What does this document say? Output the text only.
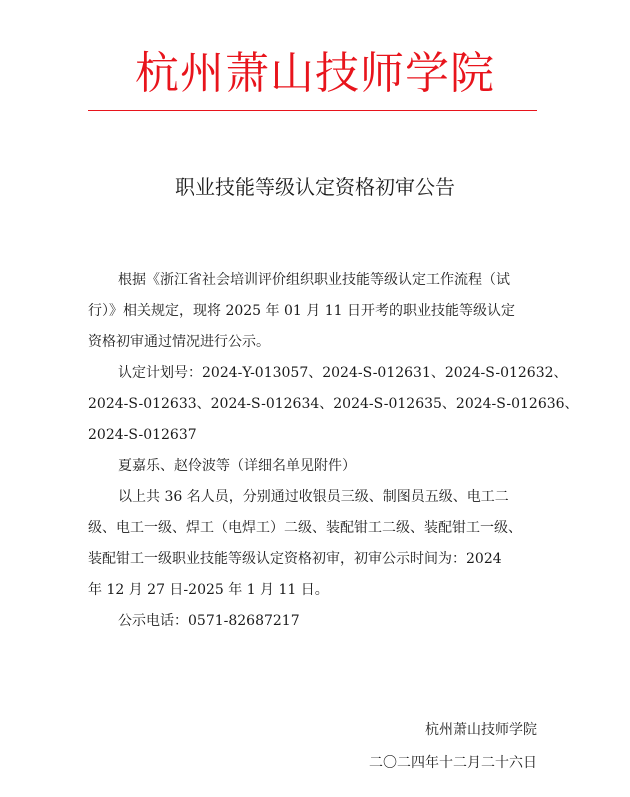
杭州萧山技师学院
职业技能等级认定资格初审公告

根据《浙江省社会培训评价组织职业技能等级认定工作流程（试
行）》相关规定，现将 2025 年 01 月 11 日开考的职业技能等级认定
资格初审通过情况进行公示。

认定计划号：2024-Y-013057、2024-S-012631、2024-S-012632、
2024-S-012633、2024-S-012634、2024-S-012635、2024-S-012636、
2024-S-012637

夏嘉乐、赵伶波等（详细名单见附件）

以上共 36 名人员，分别通过收银员三级、制图员五级、电工二
级、电工一级、焊工（电焊工）二级、装配钳工二级、装配钳工一级、
装配钳工一级职业技能等级认定资格初审，初审公示时间为：2024
年 12 月 27 日-2025 年 1 月 11 日。

公示电话：0571-82687217

杭州萧山技师学院
二〇二四年十二月二十六日
